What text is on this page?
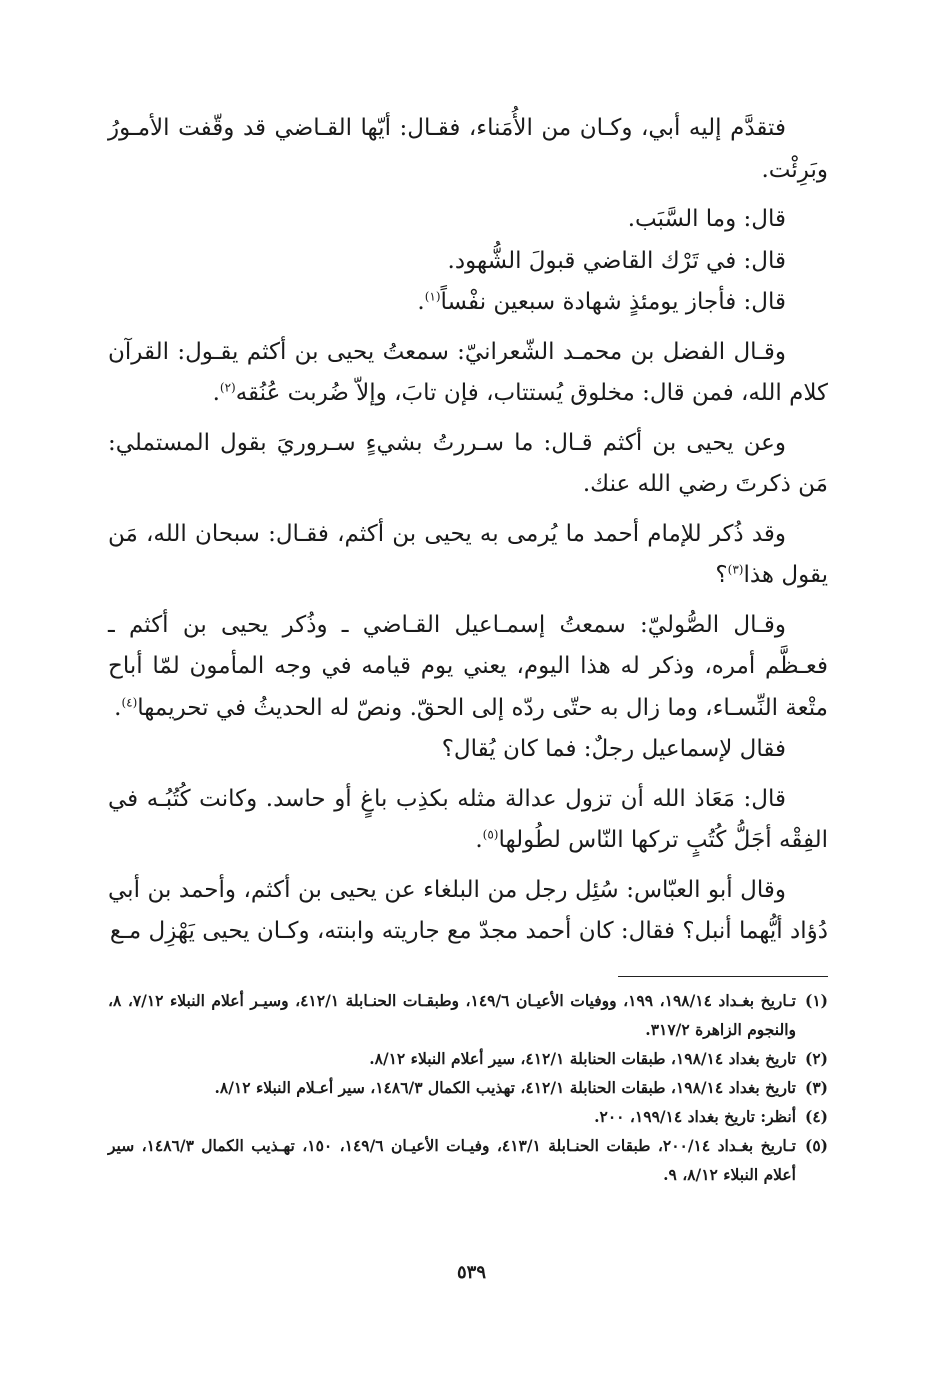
فتقدَّم إليه أبي، وكـان من الأُمَناء، فقـال: أيّها القـاضي قد وقّفت الأمـورُ وبَرِئْت.

قال: وما السَّبَب.

قال: في تَرْك القاضي قبولَ الشُّهود.

قال: فأجاز يومئذٍ شهادة سبعين نفْساً$^{(١)}$.

وقـال الفضل بن محمـد الشّعرانيّ: سمعتُ يحيى بن أكثم يقـول: القرآن كلام الله، فمن قال: مخلوق يُستتاب، فإن تابَ، وإلاّ ضُربت عُنُقه$^{(٢)}$.

وعن يحيى بن أكثم قـال: ما سـررتُ بشيءٍ سـروريَ بقول المستملي: مَن ذكرتَ رضي الله عنك.

وقد ذُكر للإمام أحمد ما يُرمى به يحيى بن أكثم، فقـال: سبحان الله، مَن يقول هذا$^{(٣)}$؟

وقـال الصُّوليّ: سمعتُ إسمـاعيل القـاضي ـ وذُكر يحيى بن أكثم ـ فعـظَّم أمره، وذكر له هذا اليوم، يعني يوم قيامه في وجه المأمون لمّا أباح متْعة النِّسـاء، وما زال به حتّى ردّه إلى الحقّ. ونصّ له الحديثُ في تحريمها$^{(٤)}$.

فقال لإسماعيل رجلٌ: فما كان يُقال؟

قال: مَعَاذ الله أن تزول عدالة مثله بكذِب باغٍ أو حاسد. وكانت كُتُبُـه في الفِقْه أجَلُّ كُتُبٍ تركها النّاس لطُولها$^{(٥)}$.

وقال أبو العبّاس: سُئِل رجل من البلغاء عن يحيى بن أكثم، وأحمد بن أبي دُؤاد أيُّهما أنبل؟ فقال: كان أحمد مجدّ مع جاريته وابنته، وكـان يحيى يَهْزِل مـع

(١)
تـاريخ بغـداد ١٩٨/١٤، ١٩٩، ووفيات الأعيـان ١٤٩/٦، وطبقـات الحنـابلة ٤١٢/١، وسيـر أعلام النبلاء ٧/١٢، ٨، والنجوم الزاهرة ٣١٧/٢.
(٢)
تاريخ بغداد ١٩٨/١٤، طبقات الحنابلة ٤١٢/١، سير أعلام النبلاء ٨/١٢.
(٣)
تاريخ بغداد ١٩٨/١٤، طبقات الحنابلة ٤١٢/١، تهذيب الكمال ١٤٨٦/٣، سير أعـلام النبلاء ٨/١٢.
(٤)
أنظر: تاريخ بغداد ١٩٩/١٤، ٢٠٠.
(٥)
تـاريخ بغـداد ٢٠٠/١٤، طبقات الحنـابلة ٤١٣/١، وفيـات الأعيـان ١٤٩/٦، ١٥٠، تهـذيب الكمال ١٤٨٦/٣، سير أعلام النبلاء ٨/١٢، ٩.
٥٣٩
